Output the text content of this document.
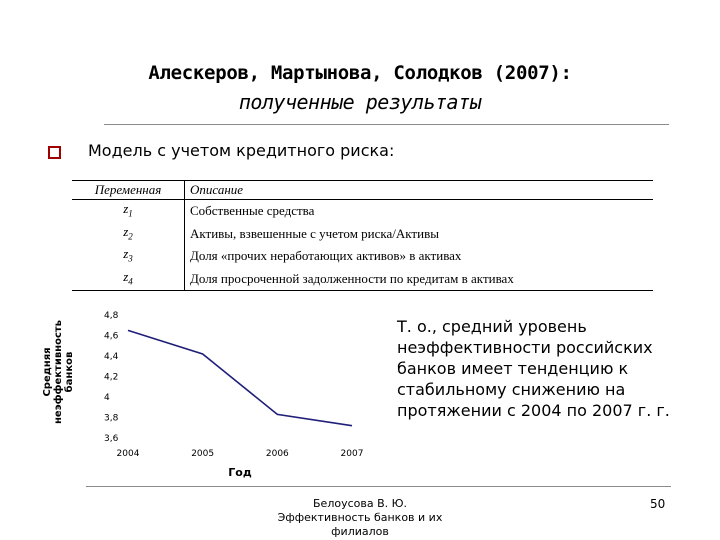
Алескеров, Мартынова, Солодков (2007):
полученные результаты
Модель с учетом кредитного риска:
Переменная	Описание
$z_1$	Собственные средства
$z_2$	Активы, взвешенные с учетом риска/Активы
$z_3$	Доля «прочих неработающих активов» в активах
$z_4$	Доля просроченной задолженности по кредитам в активах
4,8
4,6
4,4
4,2
4
3,8
3,6
2004	2005	2006	2007
Средняянеэффективностьбанков
Год
Т. о., средний уровень неэффективности российских банков имеет тенденцию к стабильному снижению на протяжении с 2004 по 2007 г. г.
Белоусова В. Ю.
Эффективность банков и их
филиалов
50
